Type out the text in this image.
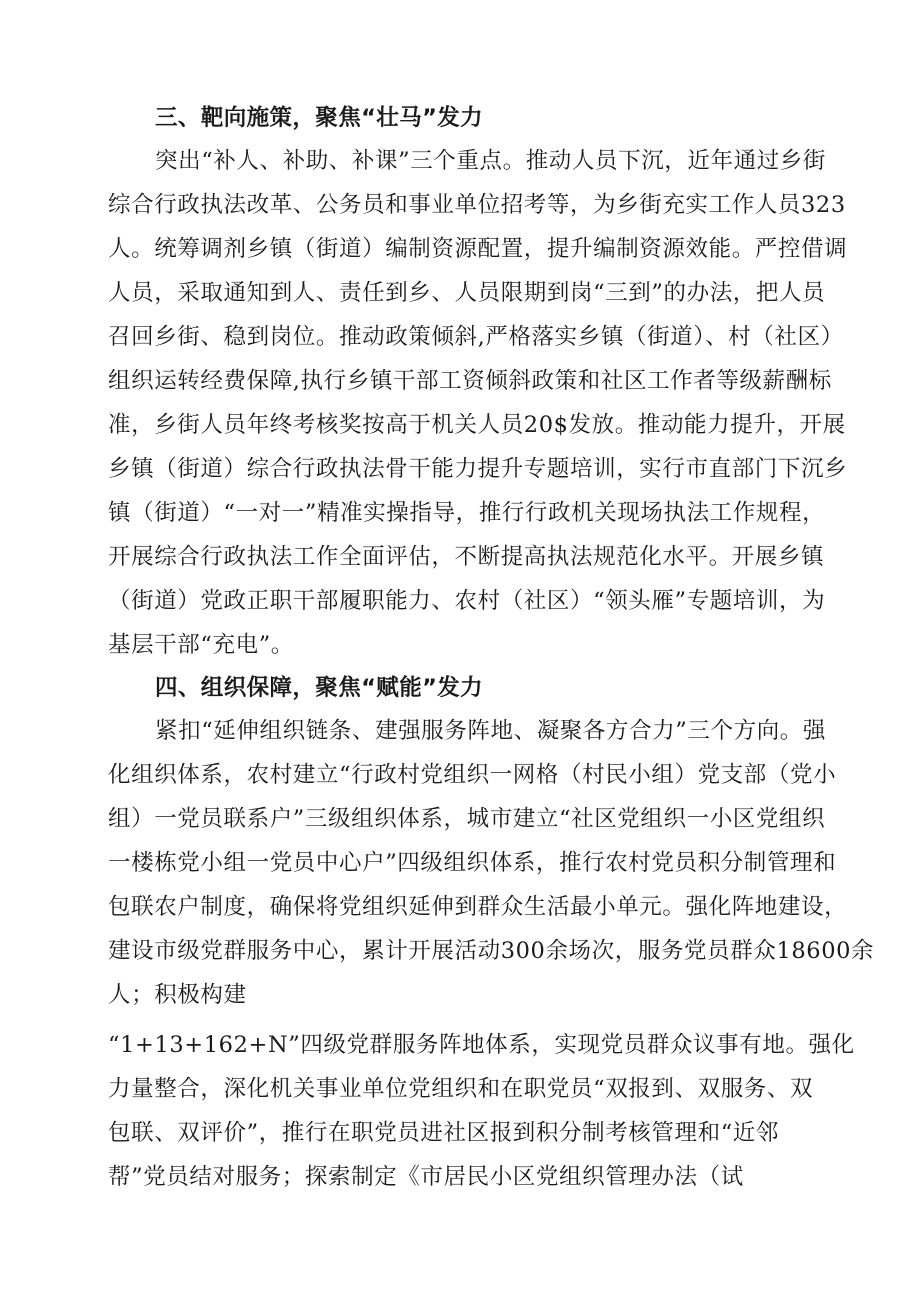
三、靶向施策，聚焦“壮马”发力
突出“补人、补助、补课”三个重点。推动人员下沉，近年通过乡街
综合行政执法改革、公务员和事业单位招考等，为乡街充实工作人员323
人。统筹调剂乡镇（街道）编制资源配置，提升编制资源效能。严控借调
人员，采取通知到人、责任到乡、人员限期到岗“三到”的办法，把人员
召回乡街、稳到岗位。推动政策倾斜,严格落实乡镇（街道）、村（社区）
组织运转经费保障,执行乡镇干部工资倾斜政策和社区工作者等级薪酬标
准，乡街人员年终考核奖按高于机关人员20$发放。推动能力提升，开展
乡镇（街道）综合行政执法骨干能力提升专题培训，实行市直部门下沉乡
镇（街道）“一对一”精准实操指导，推行行政机关现场执法工作规程，
开展综合行政执法工作全面评估，不断提高执法规范化水平。开展乡镇
（街道）党政正职干部履职能力、农村（社区）“领头雁”专题培训，为
基层干部“充电”。
四、组织保障，聚焦“赋能”发力
紧扣“延伸组织链条、建强服务阵地、凝聚各方合力”三个方向。强
化组织体系，农村建立“行政村党组织一网格（村民小组）党支部（党小
组）一党员联系户”三级组织体系，城市建立“社区党组织一小区党组织
一楼栋党小组一党员中心户”四级组织体系，推行农村党员积分制管理和
包联农户制度，确保将党组织延伸到群众生活最小单元。强化阵地建设，
建设市级党群服务中心，累计开展活动300余场次，服务党员群众18600余
人；积极构建
“1+13+162+N”四级党群服务阵地体系，实现党员群众议事有地。强化
力量整合，深化机关事业单位党组织和在职党员“双报到、双服务、双
包联、双评价”，推行在职党员进社区报到积分制考核管理和“近邻
帮”党员结对服务；探索制定《市居民小区党组织管理办法（试
